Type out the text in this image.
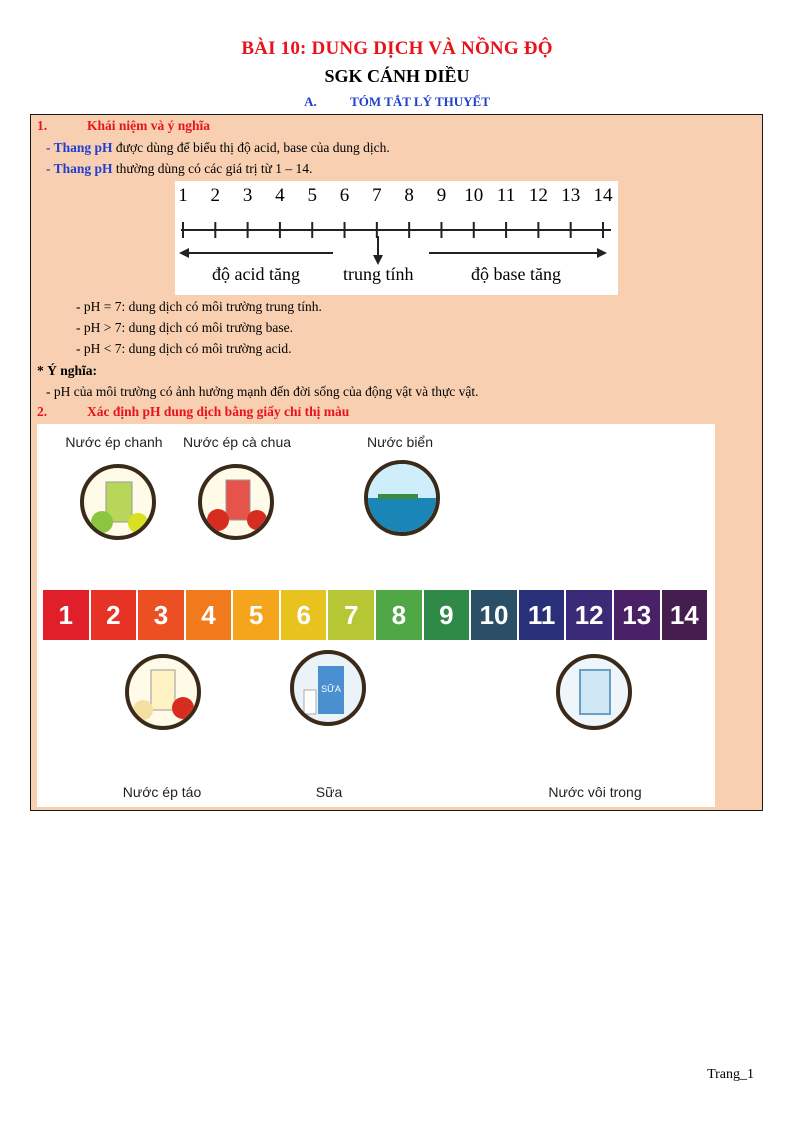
BÀI 10: DUNG DỊCH VÀ NỒNG ĐỘ
SGK CÁNH DIỀU
A.	TÓM TẮT LÝ THUYẾT
1.	Khái niệm và ý nghĩa
- Thang pH được dùng để biểu thị độ acid, base của dung dịch.
- Thang pH thường dùng có các giá trị từ 1 – 14.
1 2 3 4 5 6 7 8 9 10 11 12 13 14
độ acid tăng trung tính	độ base tăng
- pH = 7: dung dịch có môi trường trung tính.
- pH > 7: dung dịch có môi trường base.
- pH < 7: dung dịch có môi trường acid.
* Ý nghĩa:
- pH của môi trường có ảnh hưởng mạnh đến đời sống của động vật và thực vật.
2.	Xác định pH dung dịch bằng giấy chỉ thị màu
Nước ép chanh Nước ép cà chua	Nước biển
1	2	3	4	5	6	7	8	9 10 11 12 13 14
SỮA
Nước ép táo	Sữa	Nước vôi trong
Trang_1
